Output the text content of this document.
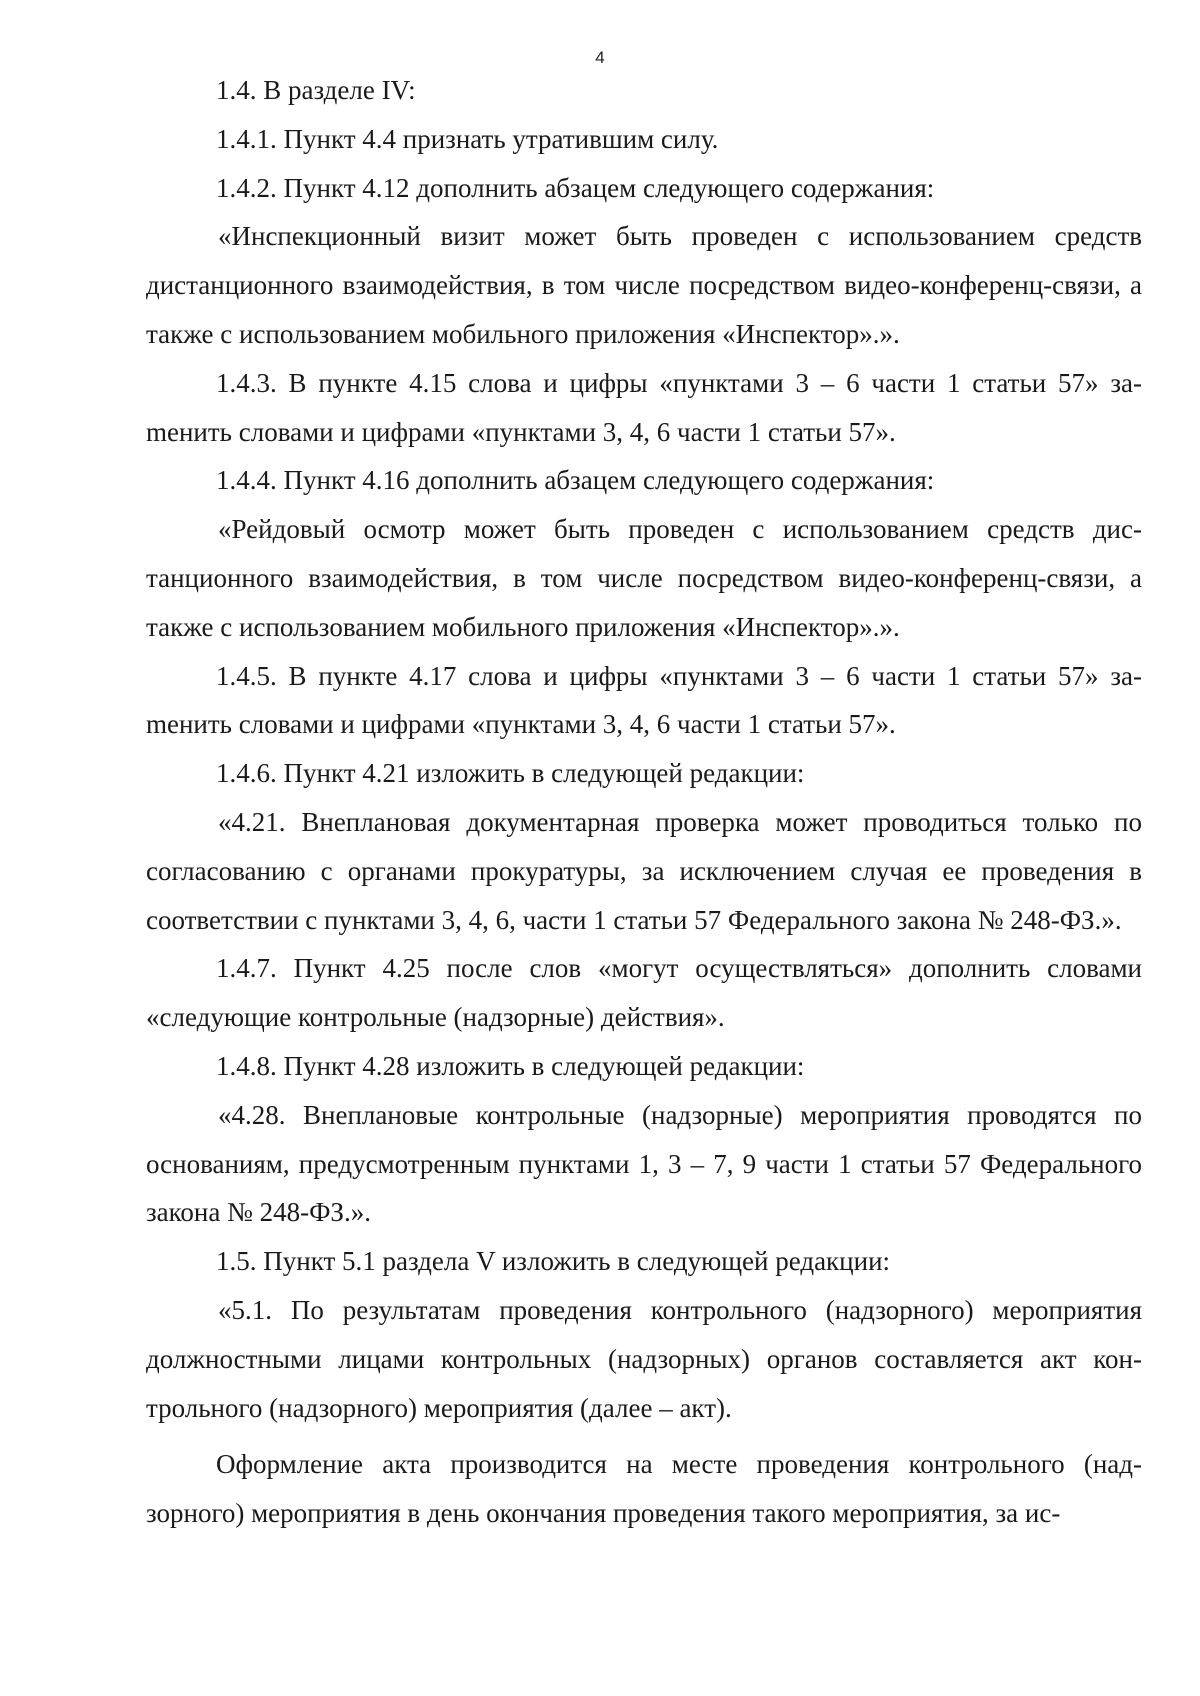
4

1.4. В разделе IV:

1.4.1. Пункт 4.4 признать утратившим силу.

1.4.2. Пункт 4.12 дополнить абзацем следующего содержания:

«Инспекционный визит может быть проведен с использованием средств дистанционного взаимодействия, в том числе посредством видео-конференц-связи, а также с использованием мобильного приложения «Инспектор».».

1.4.3. В пункте 4.15 слова и цифры «пунктами 3 – 6 части 1 статьи 57» заmенить словами и цифрами «пунктами 3, 4, 6 части 1 статьи 57».

1.4.4. Пункт 4.16 дополнить абзацем следующего содержания:

«Рейдовый осмотр может быть проведен с использованием средств дистанционного взаимодействия, в том числе посредством видео-конференц-связи, а также с использованием мобильного приложения «Инспектор».».

1.4.5. В пункте 4.17 слова и цифры «пунктами 3 – 6 части 1 статьи 57» заmенить словами и цифрами «пунктами 3, 4, 6 части 1 статьи 57».

1.4.6. Пункт 4.21 изложить в следующей редакции:

«4.21. Внеплановая документарная проверка может проводиться только по согласованию с органами прокуратуры, за исключением случая ее проведения в соответствии с пунктами 3, 4, 6, части 1 статьи 57 Федерального закона № 248-ФЗ.».

1.4.7. Пункт 4.25 после слов «могут осуществляться» дополнить словами «следующие контрольные (надзорные) действия».

1.4.8. Пункт 4.28 изложить в следующей редакции:

«4.28. Внеплановые контрольные (надзорные) мероприятия проводятся по основаниям, предусмотренным пунктами 1, 3 – 7, 9 части 1 статьи 57 Федерального закона № 248-ФЗ.».

1.5. Пункт 5.1 раздела V изложить в следующей редакции:

«5.1. По результатам проведения контрольного (надзорного) мероприятия должностными лицами контрольных (надзорных) органов составляется акт контрольного (надзорного) мероприятия (далее – акт).

Оформление акта производится на месте проведения контрольного (надзорного) мероприятия в день окончания проведения такого мероприятия, за ис-
